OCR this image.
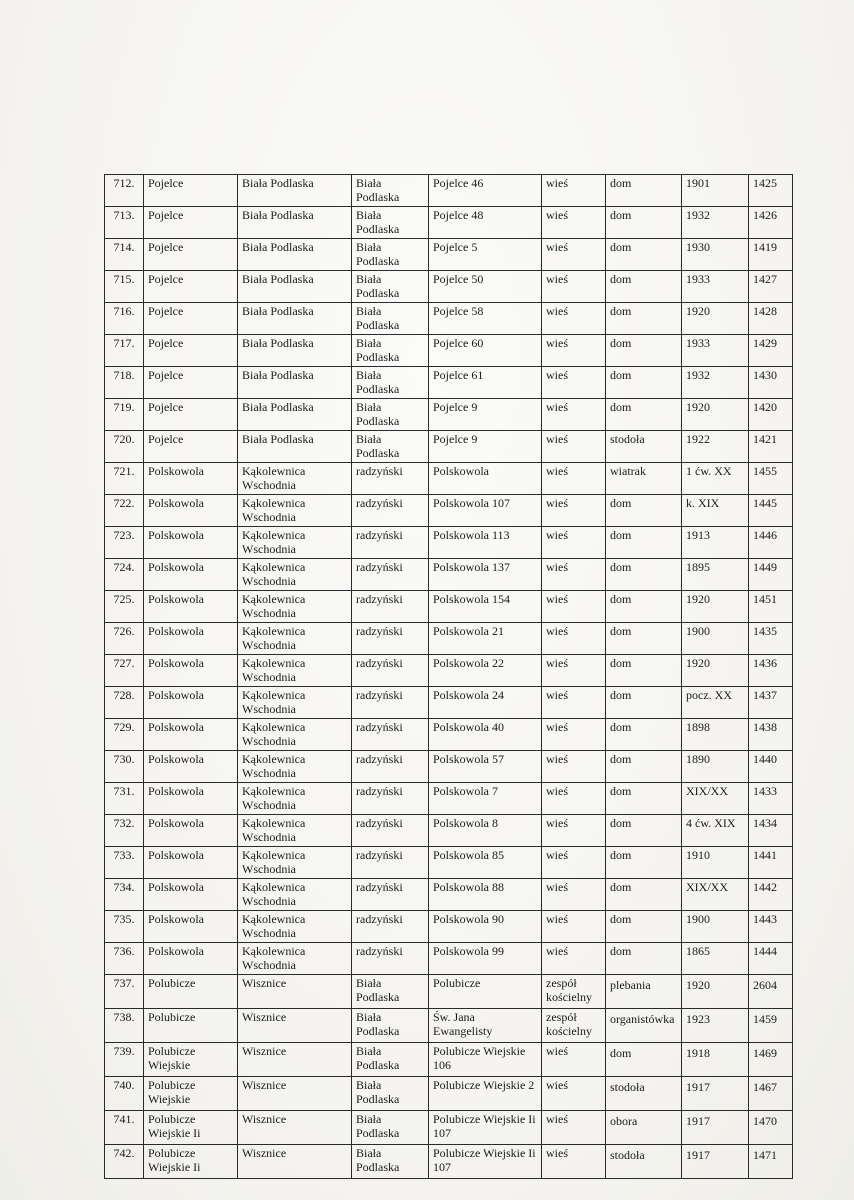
712.	Pojelce	Biała Podlaska	Biała Podlaska	Pojelce 46	wieś	dom	1901	1425
713.	Pojelce	Biała Podlaska	Biała Podlaska	Pojelce 48	wieś	dom	1932	1426
714.	Pojelce	Biała Podlaska	Biała Podlaska	Pojelce 5	wieś	dom	1930	1419
715.	Pojelce	Biała Podlaska	Biała Podlaska	Pojelce 50	wieś	dom	1933	1427
716.	Pojelce	Biała Podlaska	Biała Podlaska	Pojelce 58	wieś	dom	1920	1428
717.	Pojelce	Biała Podlaska	Biała Podlaska	Pojelce 60	wieś	dom	1933	1429
718.	Pojelce	Biała Podlaska	Biała Podlaska	Pojelce 61	wieś	dom	1932	1430
719.	Pojelce	Biała Podlaska	Biała Podlaska	Pojelce 9	wieś	dom	1920	1420
720.	Pojelce	Biała Podlaska	Biała Podlaska	Pojelce 9	wieś	stodoła	1922	1421
721.	Polskowola	Kąkolewnica Wschodnia	radzyński	Polskowola	wieś	wiatrak	1 ćw. XX	1455
722.	Polskowola	Kąkolewnica Wschodnia	radzyński	Polskowola 107	wieś	dom	k. XIX	1445
723.	Polskowola	Kąkolewnica Wschodnia	radzyński	Polskowola 113	wieś	dom	1913	1446
724.	Polskowola	Kąkolewnica Wschodnia	radzyński	Polskowola 137	wieś	dom	1895	1449
725.	Polskowola	Kąkolewnica Wschodnia	radzyński	Polskowola 154	wieś	dom	1920	1451
726.	Polskowola	Kąkolewnica Wschodnia	radzyński	Polskowola 21	wieś	dom	1900	1435
727.	Polskowola	Kąkolewnica Wschodnia	radzyński	Polskowola 22	wieś	dom	1920	1436
728.	Polskowola	Kąkolewnica Wschodnia	radzyński	Polskowola 24	wieś	dom	pocz. XX	1437
729.	Polskowola	Kąkolewnica Wschodnia	radzyński	Polskowola 40	wieś	dom	1898	1438
730.	Polskowola	Kąkolewnica Wschodnia	radzyński	Polskowola 57	wieś	dom	1890	1440
731.	Polskowola	Kąkolewnica Wschodnia	radzyński	Polskowola 7	wieś	dom	XIX/XX	1433
732.	Polskowola	Kąkolewnica Wschodnia	radzyński	Polskowola 8	wieś	dom	4 ćw. XIX	1434
733.	Polskowola	Kąkolewnica Wschodnia	radzyński	Polskowola 85	wieś	dom	1910	1441
734.	Polskowola	Kąkolewnica Wschodnia	radzyński	Polskowola 88	wieś	dom	XIX/XX	1442
735.	Polskowola	Kąkolewnica Wschodnia	radzyński	Polskowola 90	wieś	dom	1900	1443
736.	Polskowola	Kąkolewnica Wschodnia	radzyński	Polskowola 99	wieś	dom	1865	1444
737.	Polubicze	Wisznice	Biała Podlaska	Polubicze	zespół kościelny	plebania	1920	2604
738.	Polubicze	Wisznice	Biała Podlaska	Św. Jana Ewangelisty	zespół kościelny	organistówka	1923	1459
739.	Polubicze Wiejskie	Wisznice	Biała Podlaska	Polubicze Wiejskie 106	wieś	dom	1918	1469
740.	Polubicze Wiejskie	Wisznice	Biała Podlaska	Polubicze Wiejskie 2	wieś	stodoła	1917	1467
741.	Polubicze Wiejskie Ii	Wisznice	Biała Podlaska	Polubicze Wiejskie Ii 107	wieś	obora	1917	1470
742.	Polubicze Wiejskie Ii	Wisznice	Biała Podlaska	Polubicze Wiejskie Ii 107	wieś	stodoła	1917	1471
